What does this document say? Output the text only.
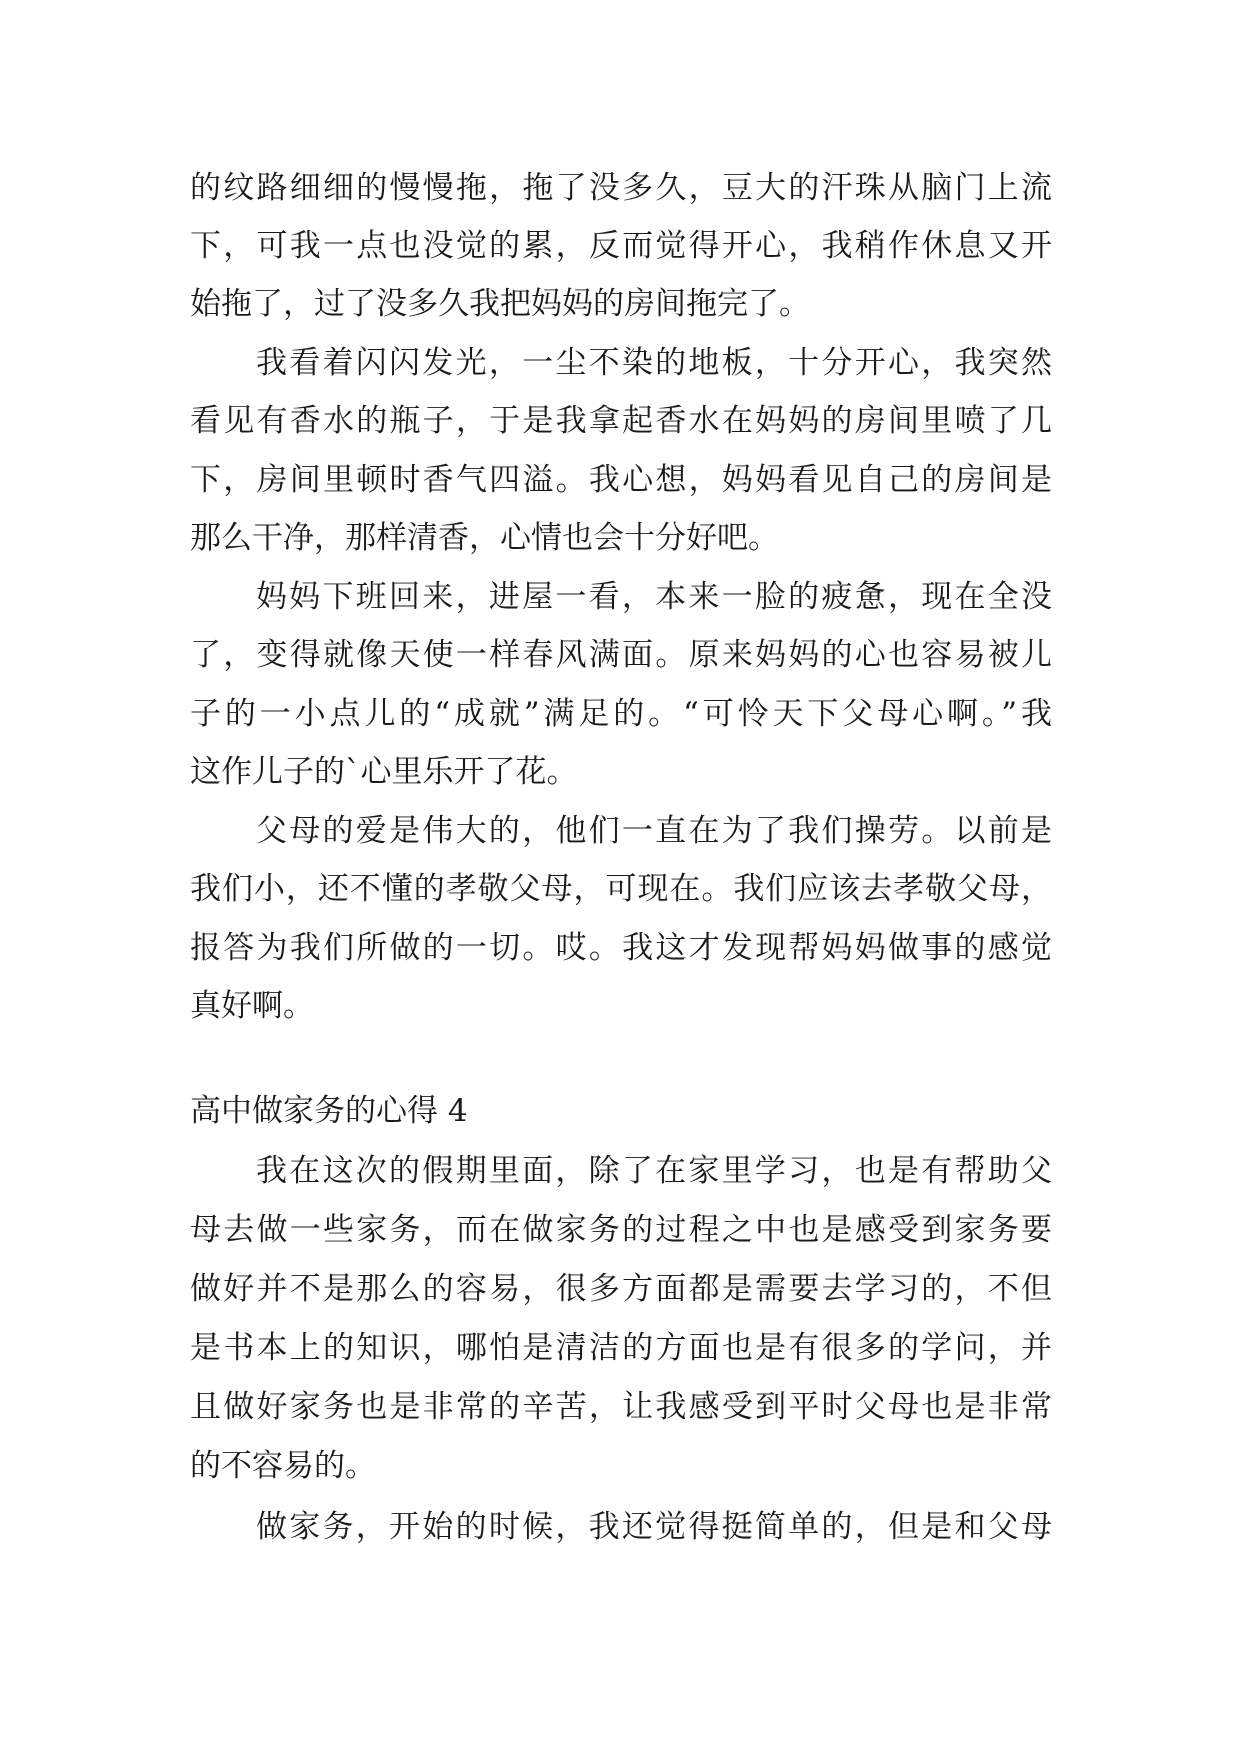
的纹路细细的慢慢拖，拖了没多久，豆大的汗珠从脑门上流
下，可我一点也没觉的累，反而觉得开心，我稍作休息又开
始拖了，过了没多久我把妈妈的房间拖完了。
我看着闪闪发光，一尘不染的地板，十分开心，我突然
看见有香水的瓶子，于是我拿起香水在妈妈的房间里喷了几
下，房间里顿时香气四溢。我心想，妈妈看见自己的房间是
那么干净，那样清香，心情也会十分好吧。
妈妈下班回来，进屋一看，本来一脸的疲惫，现在全没
了，变得就像天使一样春风满面。原来妈妈的心也容易被儿
子的一小点儿的“成就”满足的。“可怜天下父母心啊。”我
这作儿子的`心里乐开了花。
父母的爱是伟大的，他们一直在为了我们操劳。以前是
我们小，还不懂的孝敬父母，可现在。我们应该去孝敬父母，
报答为我们所做的一切。哎。我这才发现帮妈妈做事的感觉
真好啊。
高中做家务的心得 4
我在这次的假期里面，除了在家里学习，也是有帮助父
母去做一些家务，而在做家务的过程之中也是感受到家务要
做好并不是那么的容易，很多方面都是需要去学习的，不但
是书本上的知识，哪怕是清洁的方面也是有很多的学问，并
且做好家务也是非常的辛苦，让我感受到平时父母也是非常
的不容易的。
做家务，开始的时候，我还觉得挺简单的，但是和父母
